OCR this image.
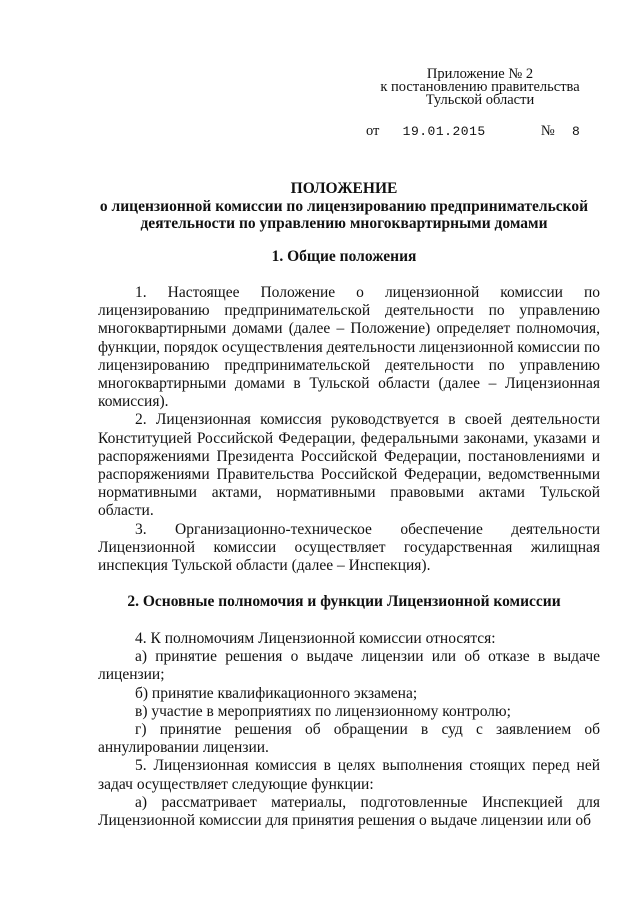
Приложение № 2
к постановлению правительства
Тульской области
от 19.01.2015	№ 8
ПОЛОЖЕНИЕ
о лицензионной комиссии по лицензированию предпринимательской
деятельности по управлению многоквартирными домами
1. Общие положения

1. Настоящее Положение о лицензионной комиссии по лицензированию предпринимательской деятельности по управлению многоквартирными домами (далее – Положение) определяет полномочия, функции, порядок осуществления деятельности лицензионной комиссии по лицензированию предпринимательской деятельности по управлению многоквартирными домами в Тульской области (далее – Лицензионная комиссия).

2. Лицензионная комиссия руководствуется в своей деятельности Конституцией Российской Федерации, федеральными законами, указами и распоряжениями Президента Российской Федерации, постановлениями и распоряжениями Правительства Российской Федерации, ведомственными нормативными актами, нормативными правовыми актами Тульской области.

3. Организационно-техническое обеспечение деятельности Лицензионной комиссии осуществляет государственная жилищная инспекция Тульской области (далее – Инспекция).

2. Основные полномочия и функции Лицензионной комиссии

4. К полномочиям Лицензионной комиссии относятся:

а) принятие решения о выдаче лицензии или об отказе в выдаче лицензии;

б) принятие квалификационного экзамена;

в) участие в мероприятиях по лицензионному контролю;

г) принятие решения об обращении в суд с заявлением об аннулировании лицензии.

5. Лицензионная комиссия в целях выполнения стоящих перед ней задач осуществляет следующие функции:

а) рассматривает материалы, подготовленные Инспекцией для Лицензионной комиссии для принятия решения о выдаче лицензии или об
